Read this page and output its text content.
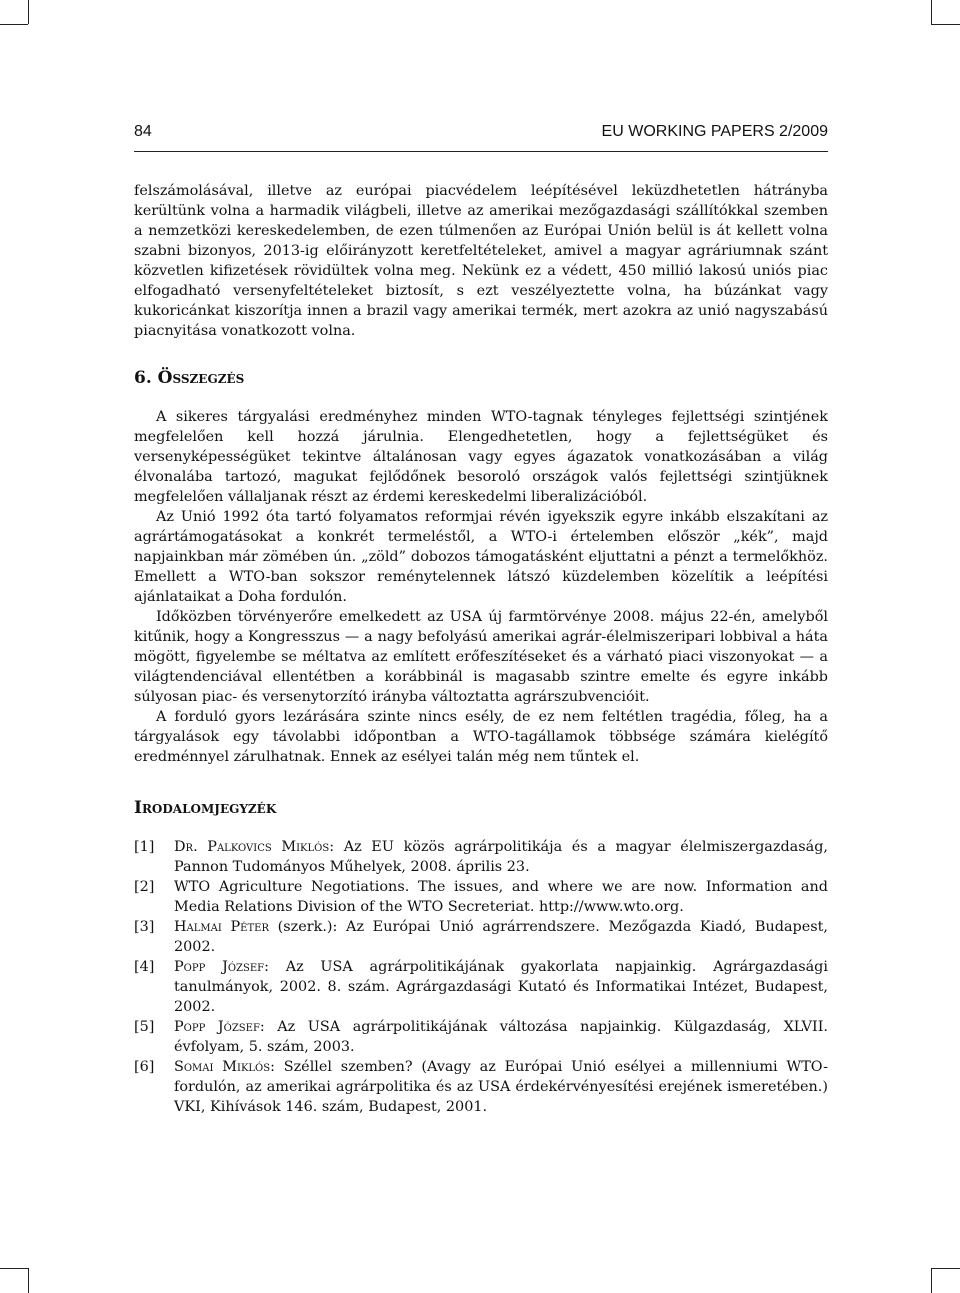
84	EU WORKING PAPERS 2/2009

felszámolásával, illetve az európai piacvédelem leépítésével leküzdhetetlen hátrányba kerültünk volna a harmadik világbeli, illetve az amerikai mezőgazdasági szállítókkal szemben a nemzetközi kereskedelemben, de ezen túlmenően az Európai Unión belül is át kellett volna szabni bizonyos, 2013-ig előirányzott keretfeltételeket, amivel a magyar agráriumnak szánt közvetlen kifizetések rövidültek volna meg. Nekünk ez a védett, 450 millió lakosú uniós piac elfogadható versenyfeltételeket biztosít, s ezt veszélyeztette volna, ha búzánkat vagy kukoricánkat kiszorítja innen a brazil vagy amerikai termék, mert azokra az unió nagyszabású piacnyitása vonatkozott volna.

6. Összegzés

A sikeres tárgyalási eredményhez minden WTO-tagnak tényleges fejlettségi szintjének megfelelően kell hozzá járulnia. Elengedhetetlen, hogy a fejlettségüket és versenyképességüket tekintve általánosan vagy egyes ágazatok vonatkozásában a világ élvonalába tartozó, magukat fejlődőnek besoroló országok valós fejlettségi szintjüknek megfelelően vállaljanak részt az érdemi kereskedelmi liberalizációból.

Az Unió 1992 óta tartó folyamatos reformjai révén igyekszik egyre inkább elszakítani az agrártámogatásokat a konkrét termeléstől, a WTO-i értelemben először „kék”, majd napjainkban már zömében ún. „zöld” dobozos támogatásként eljuttatni a pénzt a termelőkhöz. Emellett a WTO-ban sokszor reménytelennek látszó küzdelemben közelítik a leépítési ajánlataikat a Doha fordulón.

Időközben törvényerőre emelkedett az USA új farmtörvénye 2008. május 22-én, amelyből kitűnik, hogy a Kongresszus — a nagy befolyású amerikai agrár-élelmiszeripari lobbival a háta mögött, figyelembe se méltatva az említett erőfeszítéseket és a várható piaci viszonyokat — a világtendenciával ellentétben a korábbinál is magasabb szintre emelte és egyre inkább súlyosan piac- és versenytorzító irányba változtatta agrárszubvencióit.

A forduló gyors lezárására szinte nincs esély, de ez nem feltétlen tragédia, főleg, ha a tárgyalások egy távolabbi időpontban a WTO-tagállamok többsége számára kielégítő eredménnyel zárulhatnak. Ennek az esélyei talán még nem tűntek el.

Irodalomjegyzék
[1] Dr. Palkovics Miklós: Az EU közös agrárpolitikája és a magyar élelmiszergazdaság, Pannon Tudományos Műhelyek, 2008. április 23.
[2] WTO Agriculture Negotiations. The issues, and where we are now. Information and Media Relations Division of the WTO Secreteriat. http://www.wto.org.
[3] Halmai Péter (szerk.): Az Európai Unió agrárrendszere. Mezőgazda Kiadó, Budapest, 2002.
[4] Popp József: Az USA agrárpolitikájának gyakorlata napjainkig. Agrárgazdasági tanulmányok, 2002. 8. szám. Agrárgazdasági Kutató és Informatikai Intézet, Budapest, 2002.
[5] Popp József: Az USA agrárpolitikájának változása napjainkig. Külgazdaság, XLVII. évfolyam, 5. szám, 2003.
[6] Somai Miklós: Széllel szemben? (Avagy az Európai Unió esélyei a millenniumi WTO-fordulón, az amerikai agrárpolitika és az USA érdekérvényesítési erejének ismeretében.) VKI, Kihívások 146. szám, Budapest, 2001.
